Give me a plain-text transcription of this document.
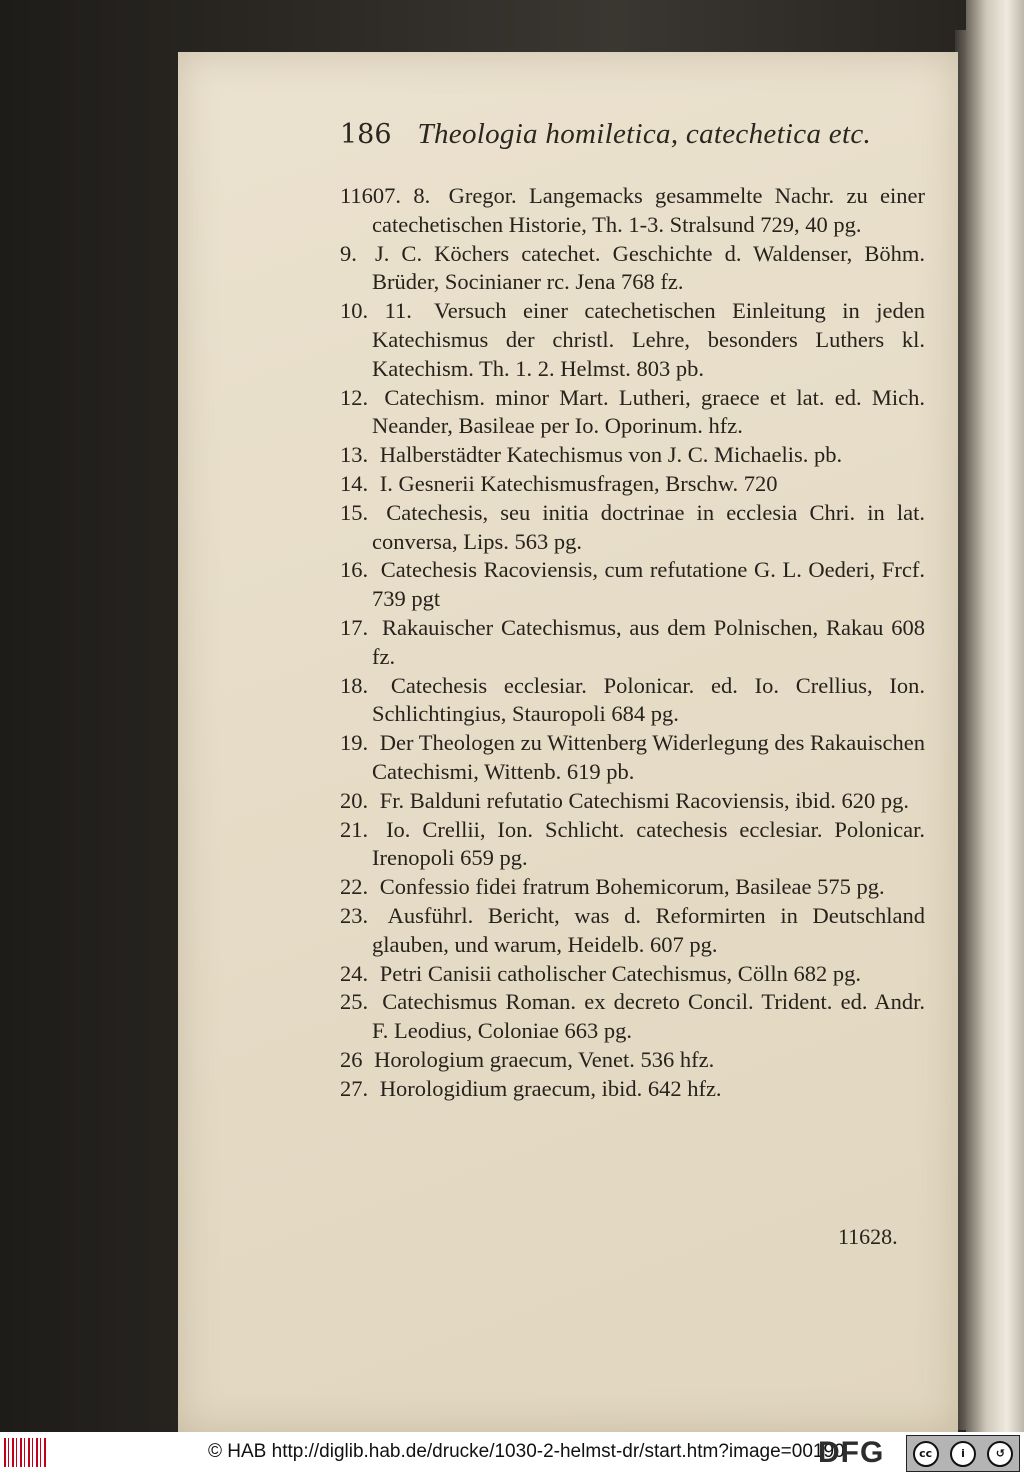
186 Theologia homiletica, catechetica etc.

11607. 8. Gregor. Langemacks gesammelte Nachr. zu einer catechetischen Historie, Th. 1-3. Stralsund 729, 40 pg.

9. J. C. Köchers catechet. Geschichte d. Waldenser, Böhm. Brüder, Socinianer rc. Jena 768 fz.

10. 11. Versuch einer catechetischen Einleitung in jeden Katechismus der christl. Lehre, besonders Luthers kl. Katechism. Th. 1. 2. Helmst. 803 pb.

12. Catechism. minor Mart. Lutheri, graece et lat. ed. Mich. Neander, Basileae per Io. Oporinum. hfz.

13. Halberstädter Katechismus von J. C. Michaelis. pb.

14. I. Gesnerii Katechismusfragen, Brschw. 720

15. Catechesis, seu initia doctrinae in ecclesia Chri. in lat. conversa, Lips. 563 pg.

16. Catechesis Racoviensis, cum refutatione G. L. Oederi, Frcf. 739 pgt

17. Rakauischer Catechismus, aus dem Polnischen, Rakau 608 fz.

18. Catechesis ecclesiar. Polonicar. ed. Io. Crellius, Ion. Schlichtingius, Stauropoli 684 pg.

19. Der Theologen zu Wittenberg Widerlegung des Rakauischen Catechismi, Wittenb. 619 pb.

20. Fr. Balduni refutatio Catechismi Racoviensis, ibid. 620 pg.

21. Io. Crellii, Ion. Schlicht. catechesis ecclesiar. Polonicar. Irenopoli 659 pg.

22. Confessio fidei fratrum Bohemicorum, Basileae 575 pg.

23. Ausführl. Bericht, was d. Reformirten in Deutschland glauben, und warum, Heidelb. 607 pg.

24. Petri Canisii catholischer Catechismus, Cölln 682 pg.

25. Catechismus Roman. ex decreto Concil. Trident. ed. Andr. F. Leodius, Coloniae 663 pg.

26 Horologium graecum, Venet. 536 hfz.

27. Horologidium graecum, ibid. 642 hfz.

11628.
© HAB http://diglib.hab.de/drucke/1030-2-helmst-dr/start.htm?image=00190
DFG	cc	i	↺
